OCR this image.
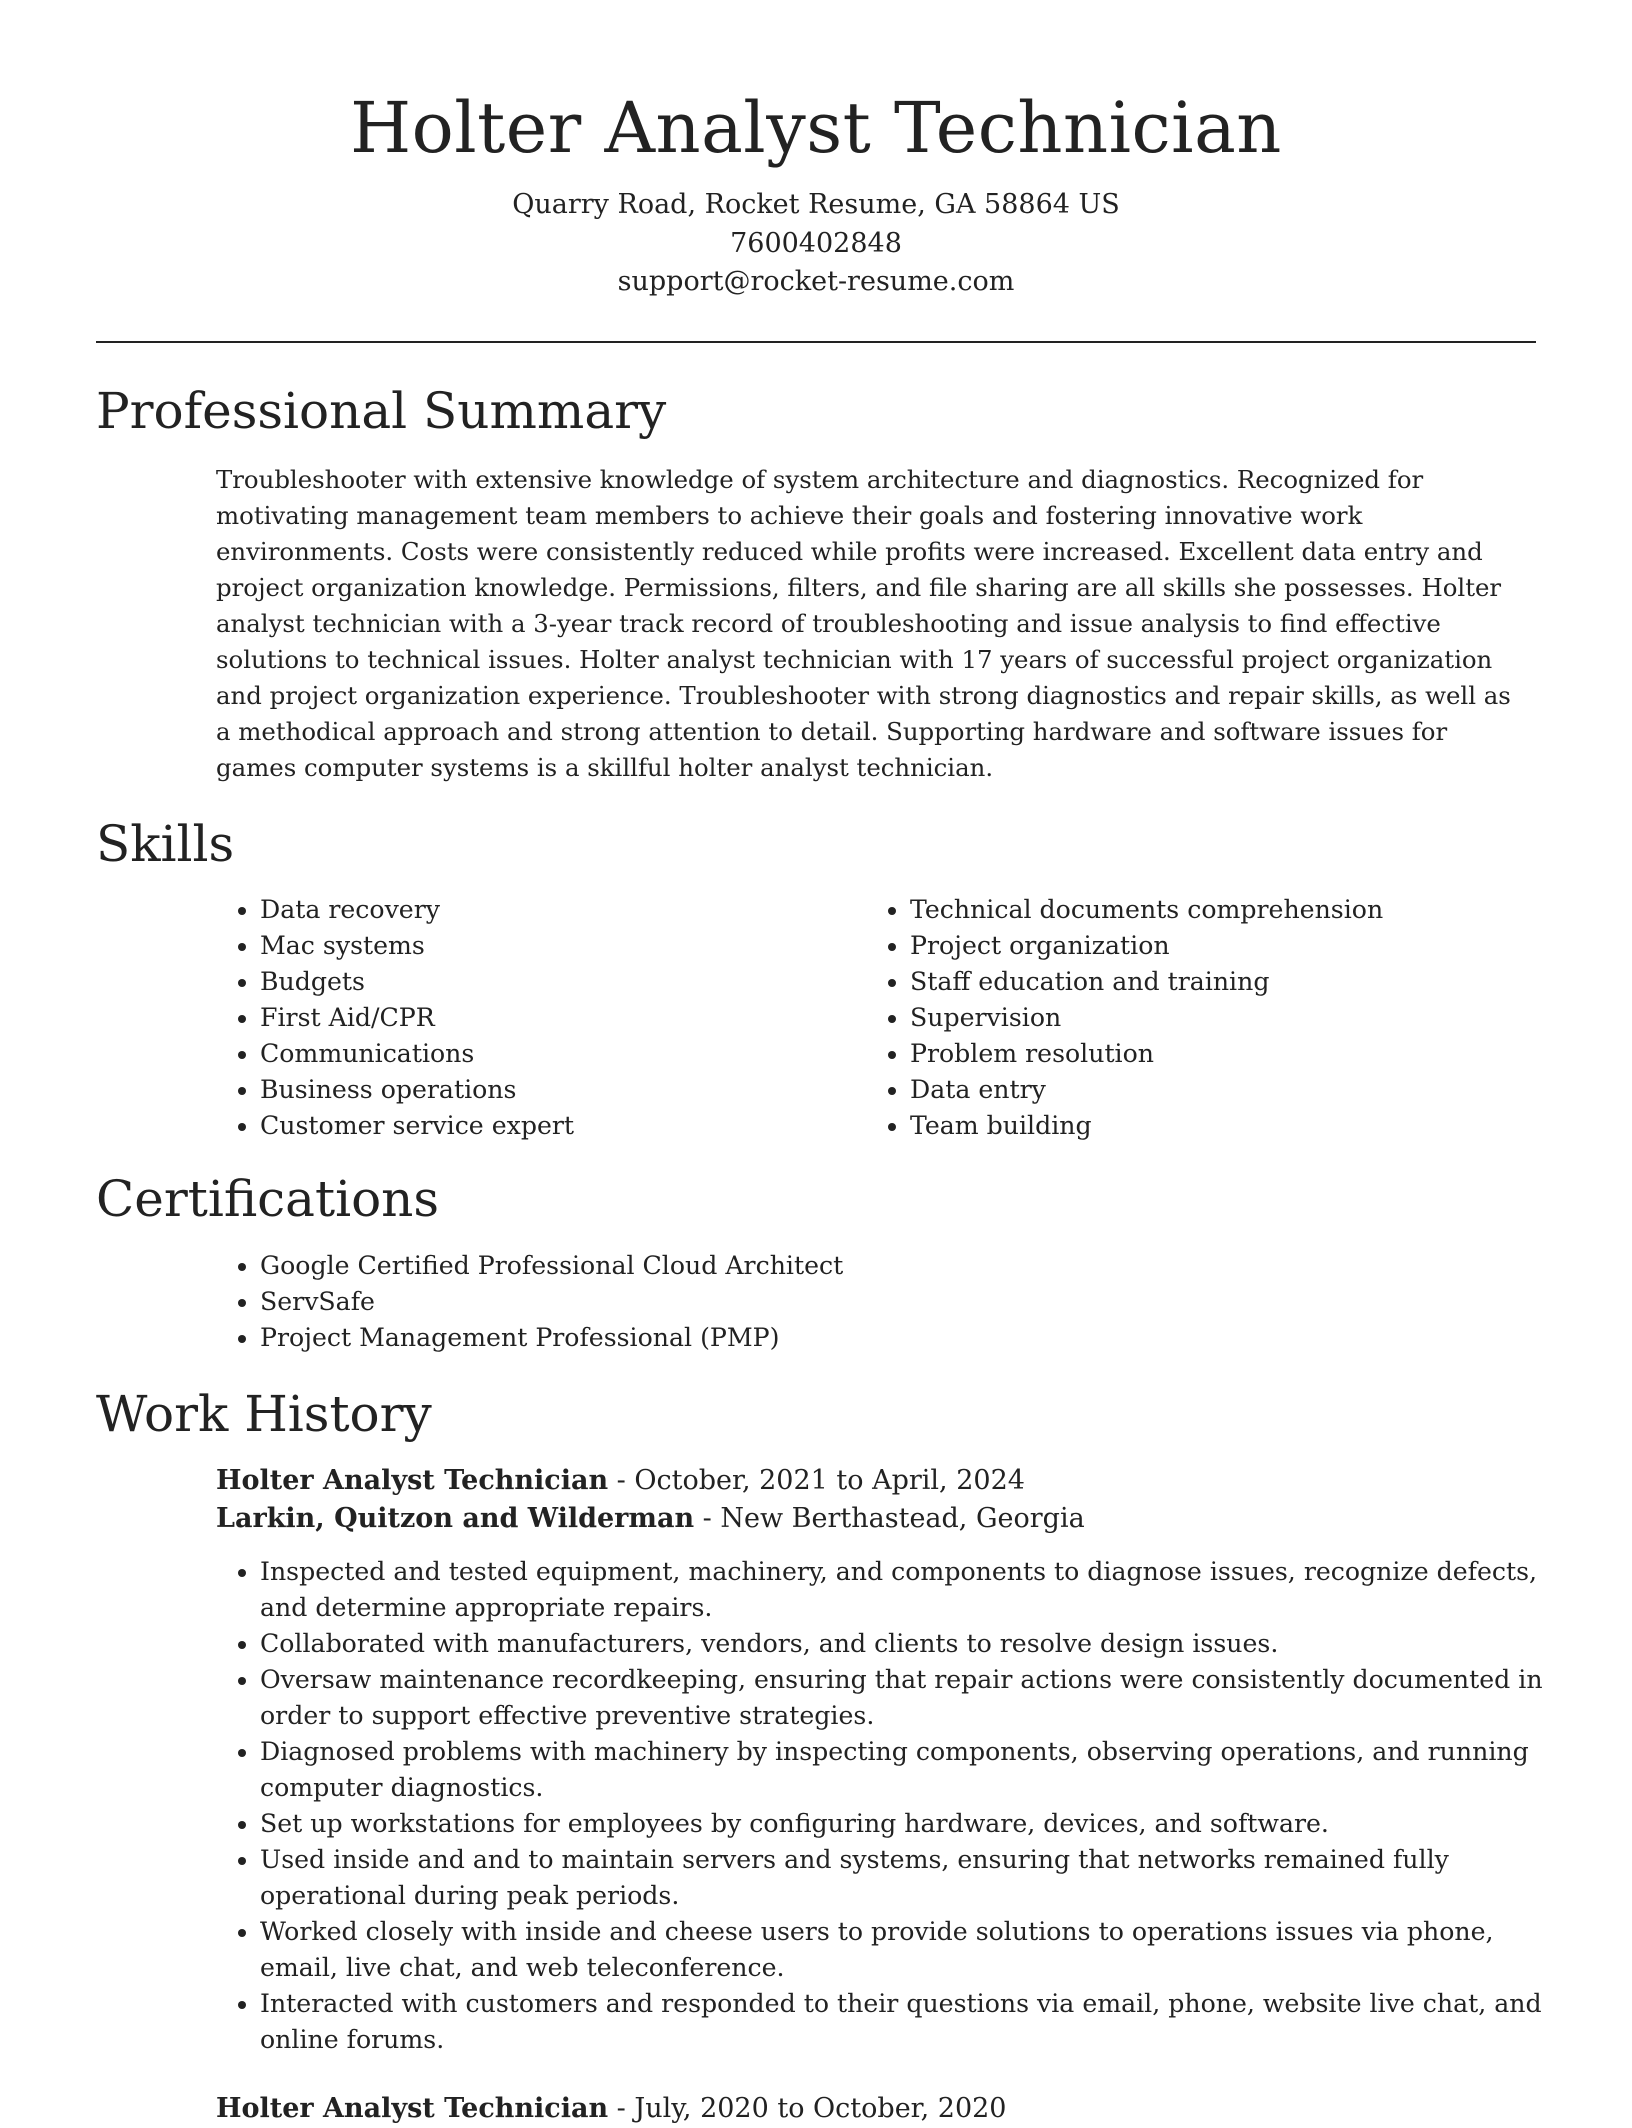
Holter Analyst Technician

Quarry Road, Rocket Resume, GA 58864 US

7600402848

support@rocket-resume.com

Professional Summary

Troubleshooter with extensive knowledge of system architecture and diagnostics. Recognized for motivating management team members to achieve their goals and fostering innovative work environments. Costs were consistently reduced while profits were increased. Excellent data entry and project organization knowledge. Permissions, filters, and file sharing are all skills she possesses. Holter analyst technician with a 3-year track record of troubleshooting and issue analysis to find effective solutions to technical issues. Holter analyst technician with 17 years of successful project organization and project organization experience. Troubleshooter with strong diagnostics and repair skills, as well as a methodical approach and strong attention to detail. Supporting hardware and software issues for games computer systems is a skillful holter analyst technician.

Skills
• Data recovery
• Mac systems
• Budgets
• First Aid/CPR
• Communications
• Business operations
• Customer service expert
• Technical documents comprehension
• Project organization
• Staff education and training
• Supervision
• Problem resolution
• Data entry
• Team building
Certifications
• Google Certified Professional Cloud Architect
• ServSafe
• Project Management Professional (PMP)
Work History

Holter Analyst Technician - October, 2021 to April, 2024

Larkin, Quitzon and Wilderman - New Berthastead, Georgia

• Inspected and tested equipment, machinery, and components to diagnose issues, recognize defects, and determine appropriate repairs.
• Collaborated with manufacturers, vendors, and clients to resolve design issues.
• Oversaw maintenance recordkeeping, ensuring that repair actions were consistently documented in order to support effective preventive strategies.
• Diagnosed problems with machinery by inspecting components, observing operations, and running computer diagnostics.
• Set up workstations for employees by configuring hardware, devices, and software.
• Used inside and and to maintain servers and systems, ensuring that networks remained fully operational during peak periods.
• Worked closely with inside and cheese users to provide solutions to operations issues via phone, email, live chat, and web teleconference.
• Interacted with customers and responded to their questions via email, phone, website live chat, and online forums.

Holter Analyst Technician - July, 2020 to October, 2020
